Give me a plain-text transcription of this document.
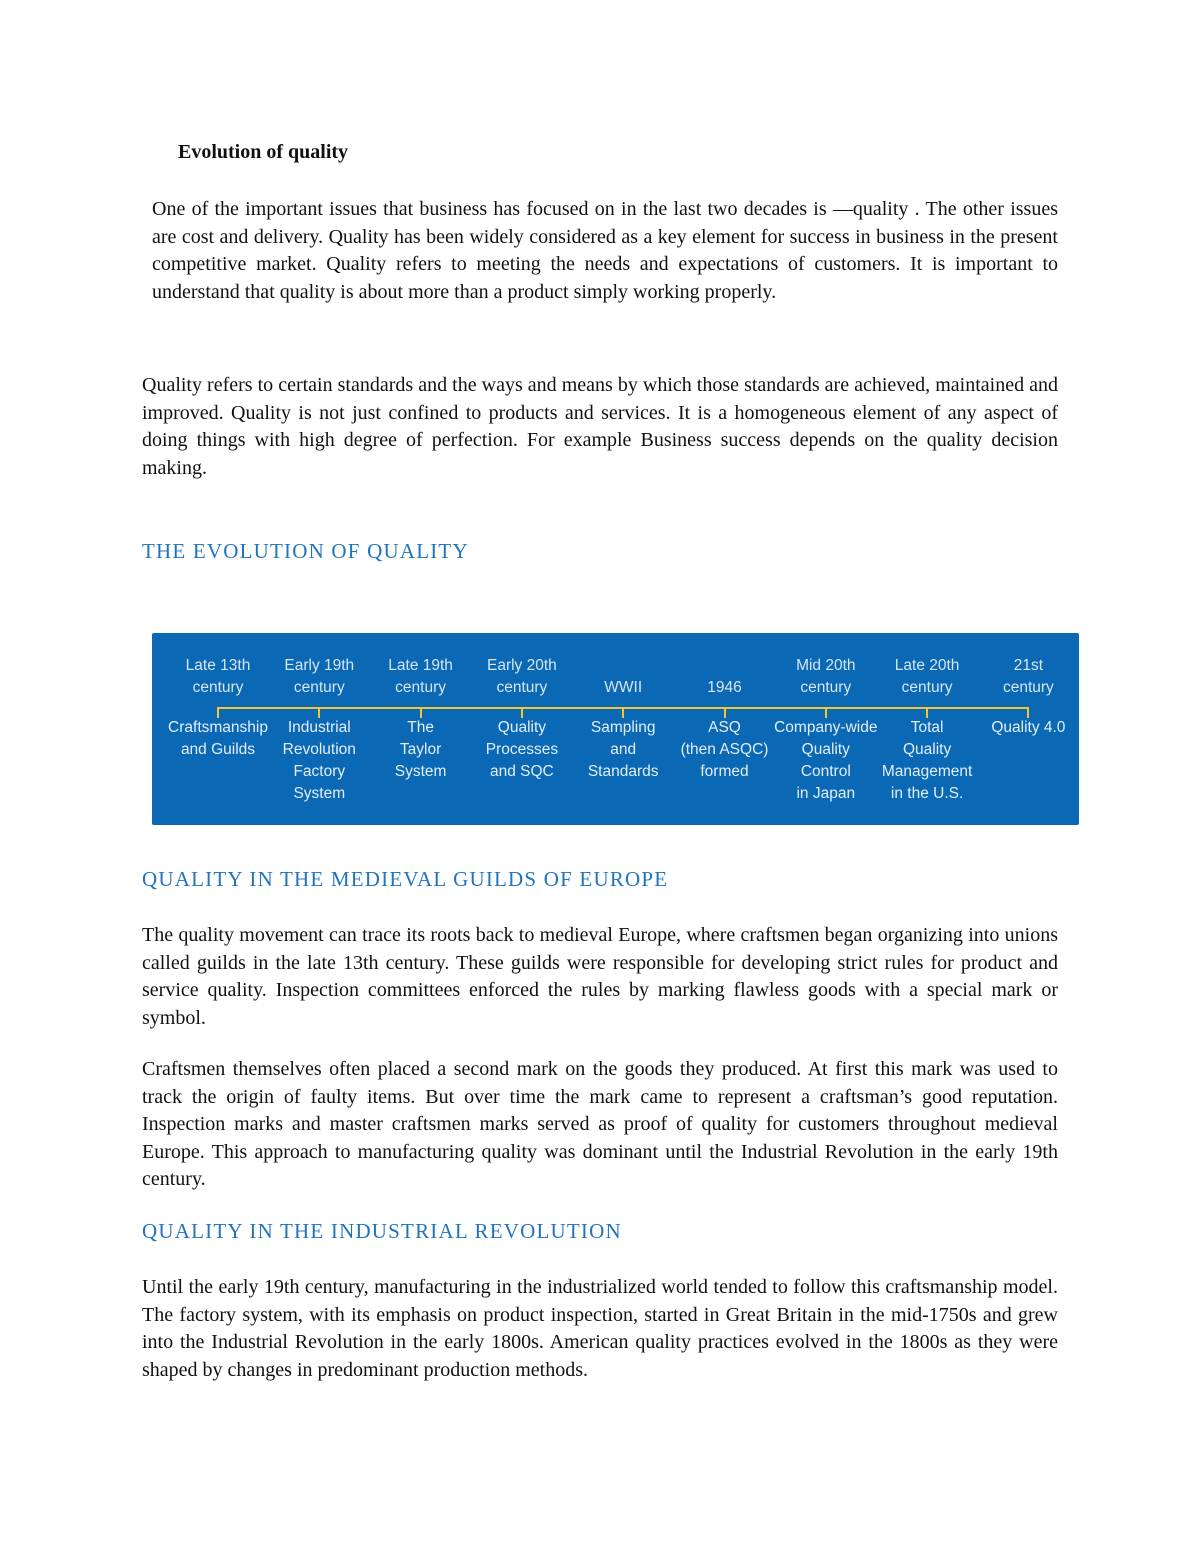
Evolution of quality

One of the important issues that business has focused on in the last two decades is ―quality . The other issues are cost and delivery. Quality has been widely considered as a key element for success in business in the present competitive market. Quality refers to meeting the needs and expectations of customers. It is important to understand that quality is about more than a product simply working properly.

Quality refers to certain standards and the ways and means by which those standards are achieved, maintained and improved. Quality is not just confined to products and services. It is a homogeneous element of any aspect of doing things with high degree of perfection. For example Business success depends on the quality decision making.

THE EVOLUTION OF QUALITY
Late 13th
century
Craftsmanship
and Guilds
Early 19th
century
Industrial
Revolution
Factory
System
Late 19th
century
The
Taylor
System
Early 20th
century
Quality
Processes
and SQC
WWII
Sampling
and
Standards
1946
ASQ
(then ASQC)
formed
Mid 20th
century
Company-wide
Quality
Control
in Japan
Late 20th
century
Total
Quality
Management
in the U.S.
21st
century
Quality 4.0
QUALITY IN THE MEDIEVAL GUILDS OF EUROPE

The quality movement can trace its roots back to medieval Europe, where craftsmen began organizing into unions called guilds in the late 13th century. These guilds were responsible for developing strict rules for product and service quality. Inspection committees enforced the rules by marking flawless goods with a special mark or symbol.

Craftsmen themselves often placed a second mark on the goods they produced. At first this mark was used to track the origin of faulty items. But over time the mark came to represent a craftsman’s good reputation. Inspection marks and master craftsmen marks served as proof of quality for customers throughout medieval Europe. This approach to manufacturing quality was dominant until the Industrial Revolution in the early 19th century.

QUALITY IN THE INDUSTRIAL REVOLUTION

Until the early 19th century, manufacturing in the industrialized world tended to follow this craftsmanship model. The factory system, with its emphasis on product inspection, started in Great Britain in the mid-1750s and grew into the Industrial Revolution in the early 1800s. American quality practices evolved in the 1800s as they were shaped by changes in predominant production methods.
